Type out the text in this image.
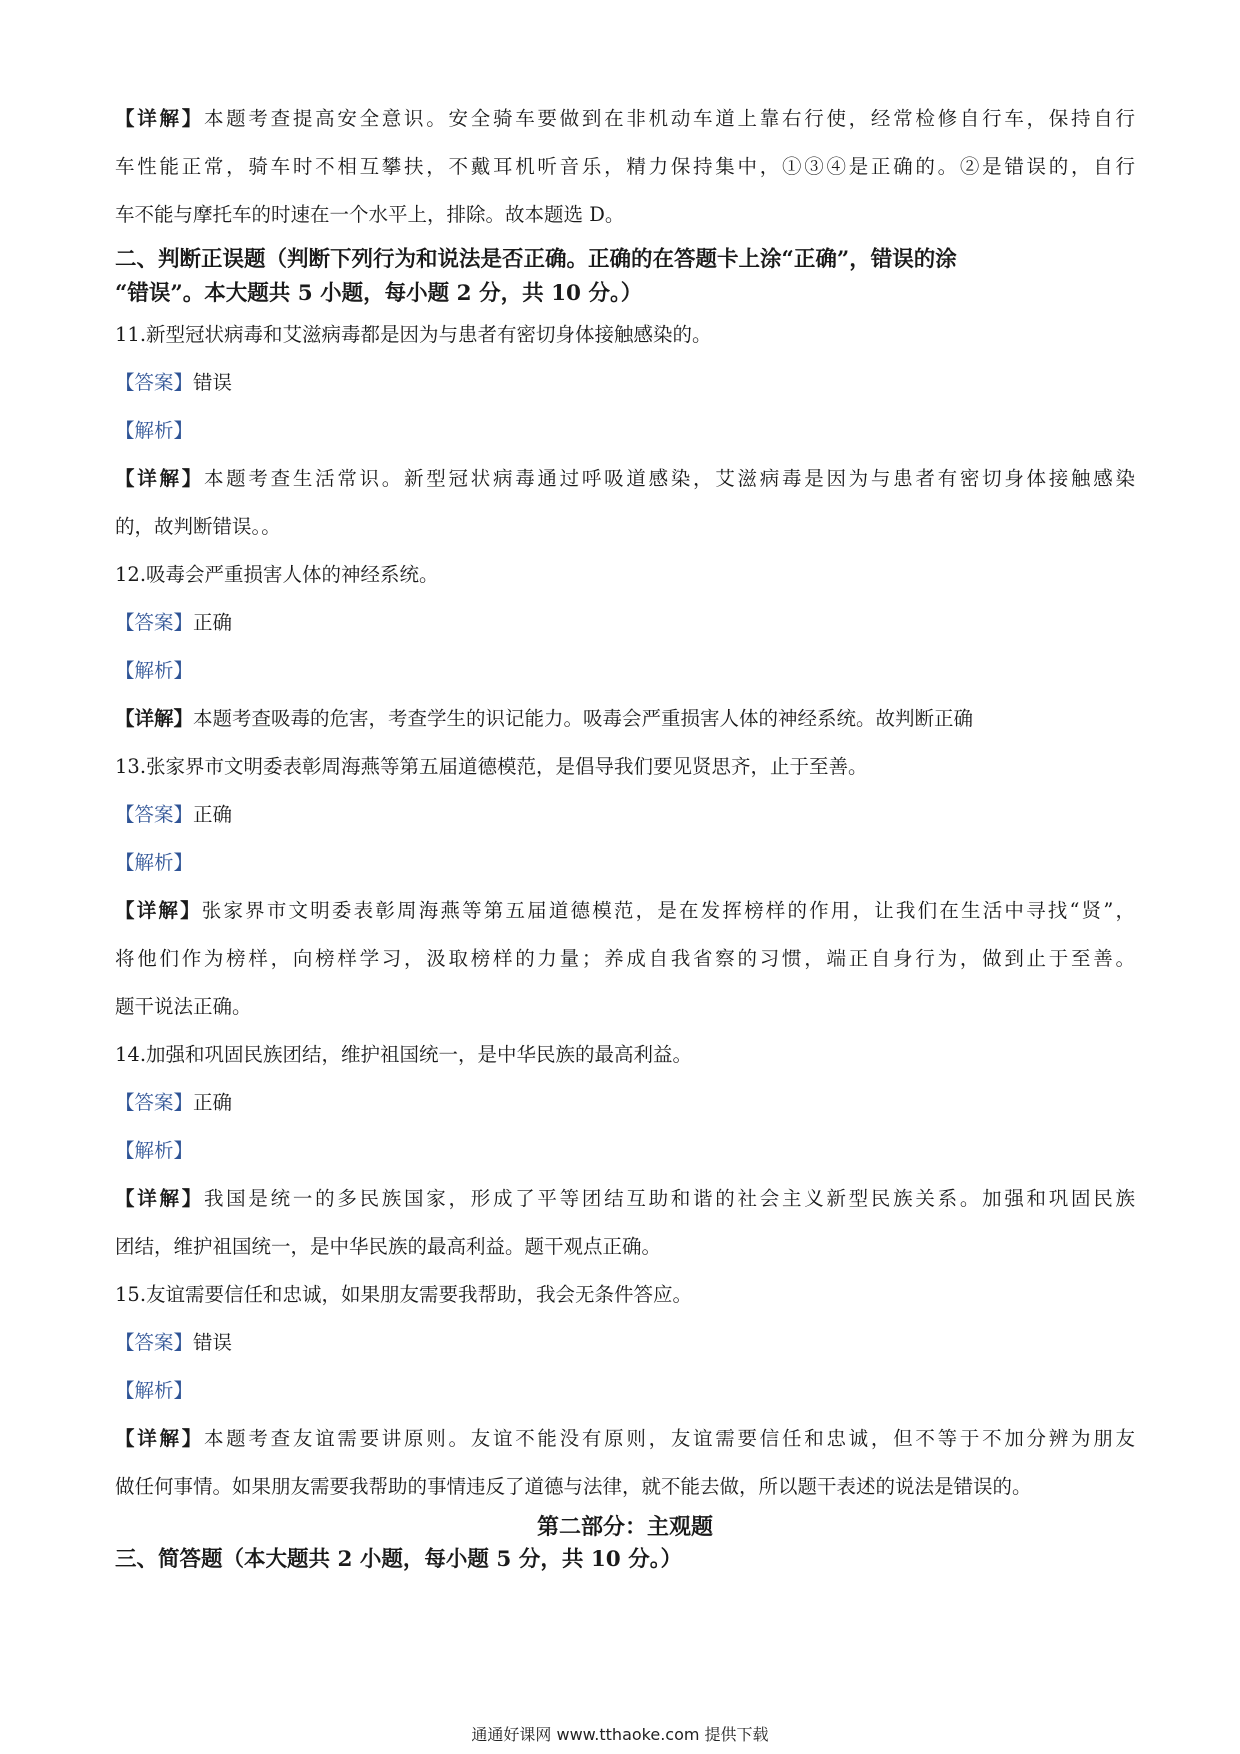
【详解】本题考查提高安全意识。安全骑车要做到在非机动车道上靠右行使，经常检修自行车，保持自行
车性能正常，骑车时不相互攀扶，不戴耳机听音乐，精力保持集中，①③④是正确的。②是错误的，自行
车不能与摩托车的时速在一个水平上，排除。故本题选 D。
二、判断正误题（判断下列行为和说法是否正确。正确的在答题卡上涂“正确”，错误的涂
“错误”。本大题共 5 小题，每小题 2 分，共 10 分。）
11.新型冠状病毒和艾滋病毒都是因为与患者有密切身体接触感染的。
【答案】错误
【解析】
【详解】本题考查生活常识。新型冠状病毒通过呼吸道感染，艾滋病毒是因为与患者有密切身体接触感染
的，故判断错误。。
12.吸毒会严重损害人体的神经系统。
【答案】正确
【解析】
【详解】本题考查吸毒的危害，考查学生的识记能力。吸毒会严重损害人体的神经系统。故判断正确
13.张家界市文明委表彰周海燕等第五届道德模范，是倡导我们要见贤思齐，止于至善。
【答案】正确
【解析】
【详解】张家界市文明委表彰周海燕等第五届道德模范，是在发挥榜样的作用，让我们在生活中寻找“贤”，
将他们作为榜样，向榜样学习，汲取榜样的力量；养成自我省察的习惯，端正自身行为，做到止于至善。
题干说法正确。
14.加强和巩固民族团结，维护祖国统一，是中华民族的最高利益。
【答案】正确
【解析】
【详解】我国是统一的多民族国家，形成了平等团结互助和谐的社会主义新型民族关系。加强和巩固民族
团结，维护祖国统一，是中华民族的最高利益。题干观点正确。
15.友谊需要信任和忠诚，如果朋友需要我帮助，我会无条件答应。
【答案】错误
【解析】
【详解】本题考查友谊需要讲原则。友谊不能没有原则，友谊需要信任和忠诚，但不等于不加分辨为朋友
做任何事情。如果朋友需要我帮助的事情违反了道德与法律，就不能去做，所以题干表述的说法是错误的。
第二部分：主观题
三、简答题（本大题共 2 小题，每小题 5 分，共 10 分。）
通通好课网 www.tthaoke.com 提供下载
